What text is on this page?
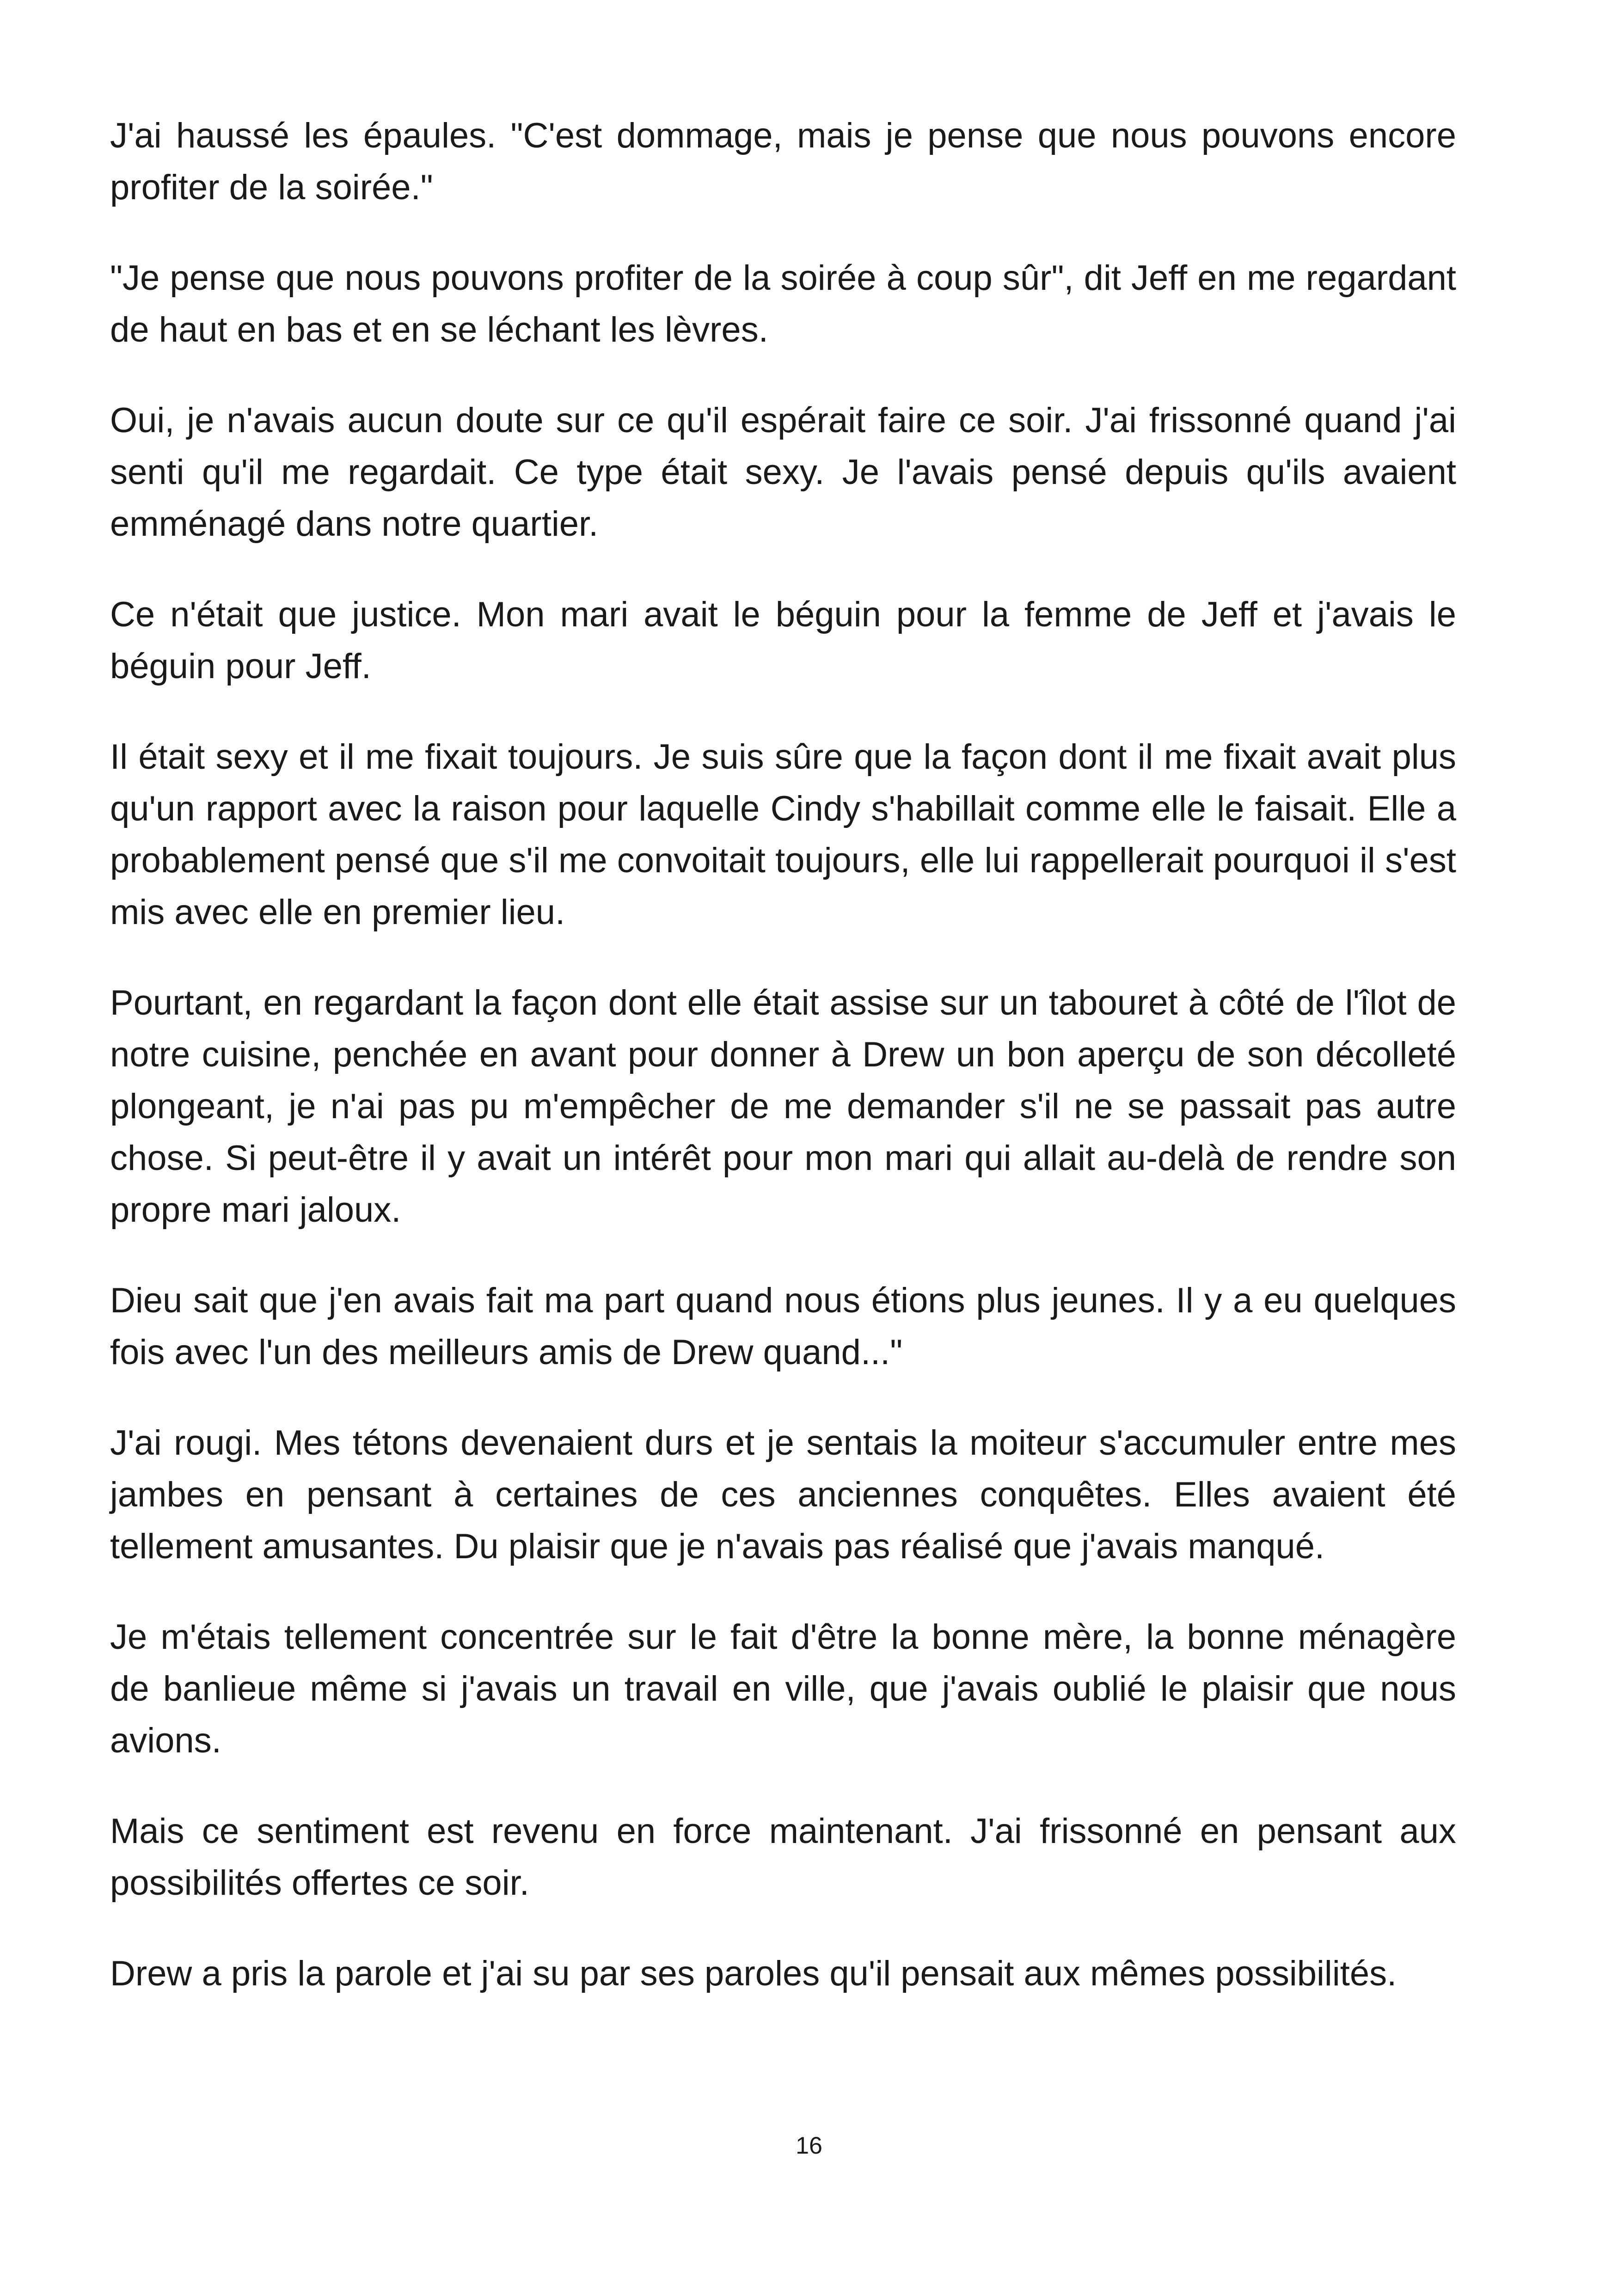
J'ai haussé les épaules. "C'est dommage, mais je pense que nous pouvons encore profiter de la soirée."

"Je pense que nous pouvons profiter de la soirée à coup sûr", dit Jeff en me regardant de haut en bas et en se léchant les lèvres.

Oui, je n'avais aucun doute sur ce qu'il espérait faire ce soir. J'ai frissonné quand j'ai senti qu'il me regardait. Ce type était sexy. Je l'avais pensé depuis qu'ils avaient emménagé dans notre quartier.

Ce n'était que justice. Mon mari avait le béguin pour la femme de Jeff et j'avais le béguin pour Jeff.

Il était sexy et il me fixait toujours. Je suis sûre que la façon dont il me fixait avait plus qu'un rapport avec la raison pour laquelle Cindy s'habillait comme elle le faisait. Elle a probablement pensé que s'il me convoitait toujours, elle lui rappellerait pourquoi il s'est mis avec elle en premier lieu.

Pourtant, en regardant la façon dont elle était assise sur un tabouret à côté de l'îlot de notre cuisine, penchée en avant pour donner à Drew un bon aperçu de son décolleté plongeant, je n'ai pas pu m'empêcher de me demander s'il ne se passait pas autre chose. Si peut-être il y avait un intérêt pour mon mari qui allait au-delà de rendre son propre mari jaloux.

Dieu sait que j'en avais fait ma part quand nous étions plus jeunes. Il y a eu quelques fois avec l'un des meilleurs amis de Drew quand..."

J'ai rougi. Mes tétons devenaient durs et je sentais la moiteur s'accumuler entre mes jambes en pensant à certaines de ces anciennes conquêtes. Elles avaient été tellement amusantes. Du plaisir que je n'avais pas réalisé que j'avais manqué.

Je m'étais tellement concentrée sur le fait d'être la bonne mère, la bonne ménagère de banlieue même si j'avais un travail en ville, que j'avais oublié le plaisir que nous avions.

Mais ce sentiment est revenu en force maintenant. J'ai frissonné en pensant aux possibilités offertes ce soir.

Drew a pris la parole et j'ai su par ses paroles qu'il pensait aux mêmes possibilités.

16
